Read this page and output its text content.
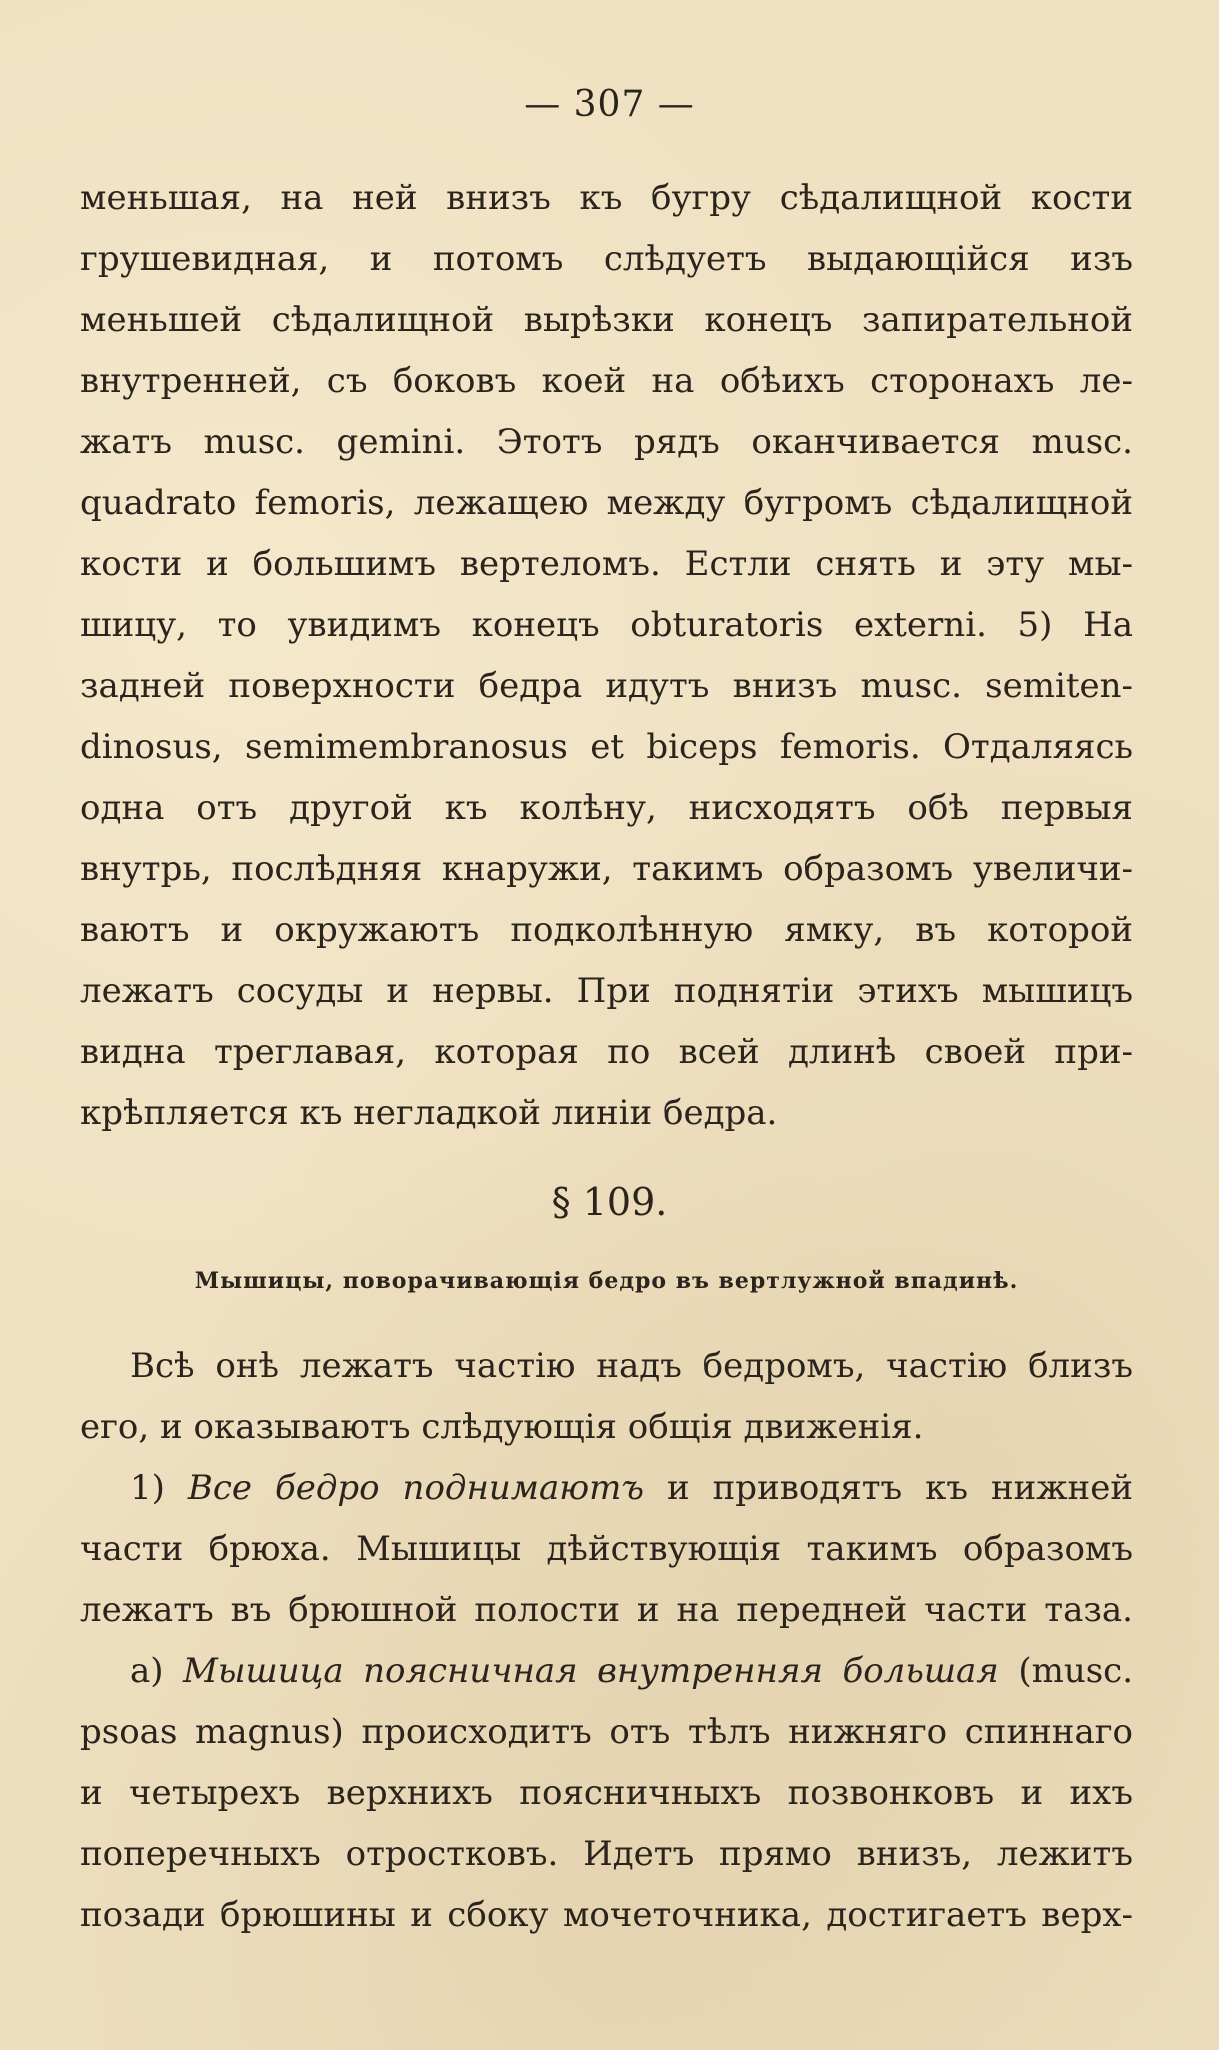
— 307 —
меньшая, на ней внизъ къ бугру сѣдалищной кости
грушевидная, и потомъ слѣдуетъ выдающійся изъ
меньшей сѣдалищной вырѣзки конецъ запирательной
внутренней, съ боковъ коей на обѣихъ сторонахъ ле-
жатъ musc. gemini. Этотъ рядъ оканчивается musc.
quadrato femoris, лежащею между бугромъ сѣдалищной
кости и большимъ вертеломъ. Естли снять и эту мы-
шицу, то увидимъ конецъ obturatoris externi. 5) На
задней поверхности бедра идутъ внизъ musc. semiten-
dinosus, semimembranosus et biceps femoris. Отдаляясь
одна отъ другой къ колѣну, нисходятъ обѣ первыя
внутрь, послѣдняя кнаружи, такимъ образомъ увеличи-
ваютъ и окружаютъ подколѣнную ямку, въ которой
лежатъ сосуды и нервы. При поднятіи этихъ мышицъ
видна треглавая, которая по всей длинѣ своей при-
крѣпляется къ негладкой линіи бедра.
§ 109.
Мышицы, поворачивающія бедро въ вертлужной впадинѣ.
Всѣ онѣ лежатъ частію надъ бедромъ, частію близъ
его, и оказываютъ слѣдующія общія движенія.
1) Все бедро поднимаютъ и приводятъ къ нижней
части брюха. Мышицы дѣйствующія такимъ образомъ
лежатъ въ брюшной полости и на передней части таза.
a) Мышица поясничная внутренняя большая (musc.
psoas magnus) происходитъ отъ тѣлъ нижняго спиннаго
и четырехъ верхнихъ поясничныхъ позвонковъ и ихъ
поперечныхъ отростковъ. Идетъ прямо внизъ, лежитъ
позади брюшины и сбоку мочеточника, достигаетъ верх-
